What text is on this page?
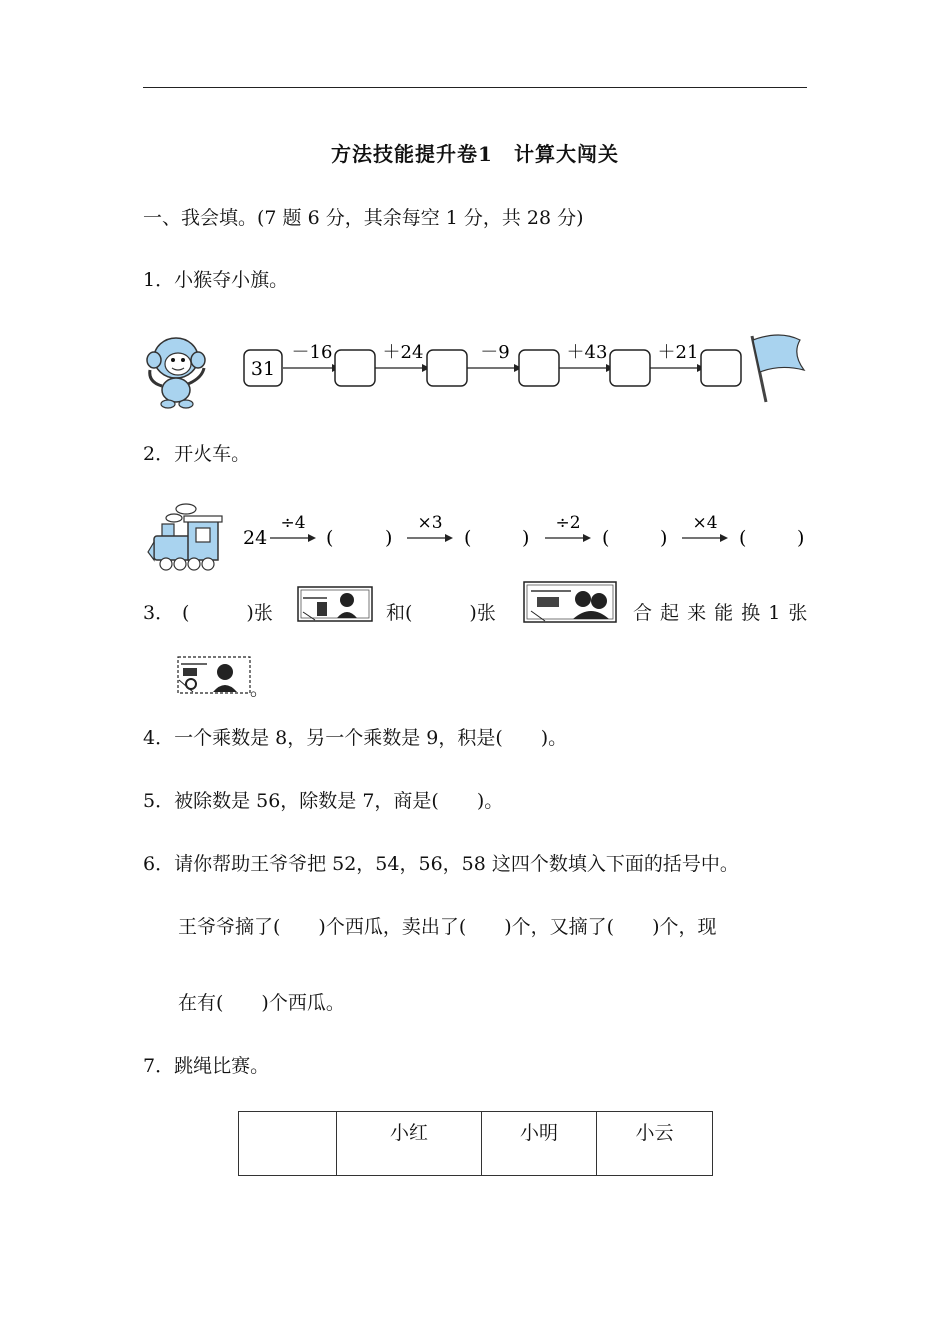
方法技能提升卷1　计算大闯关
一、我会填。(7 题 6 分，其余每空 1 分，共 28 分)
1．小猴夺小旗。
31
－16	＋24	－9	＋43	＋21
2．开火车。
24
÷4
(	)
×3
(	)
÷2
(	)
×4
(	)
3． (　　　)张	和(　　　)张	合 起 来 能 换 1 张
。
4．一个乘数是 8，另一个乘数是 9，积是(　　)。
5．被除数是 56，除数是 7，商是(　　)。
6．请你帮助王爷爷把 52，54，56，58 这四个数填入下面的括号中。
王爷爷摘了(　　)个西瓜，卖出了(　　)个，又摘了(　　)个，现
在有(　　)个西瓜。
7．跳绳比赛。
	小红	小明	小云
